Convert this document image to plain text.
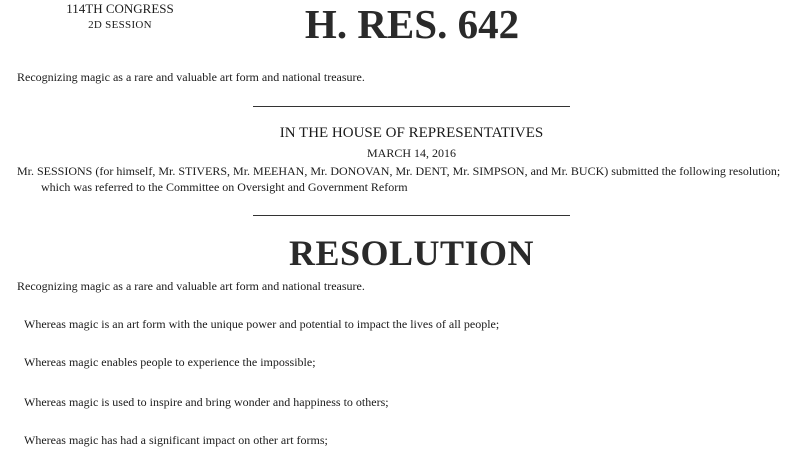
114TH CONGRESS
2D SESSION	H. RES. 642
Recognizing magic as a rare and valuable art form and national treasure.
IN THE HOUSE OF REPRESENTATIVES
MARCH 14, 2016
Mr. SESSIONS (for himself, Mr. STIVERS, Mr. MEEHAN, Mr. DONOVAN, Mr. DENT, Mr. SIMPSON, and Mr. BUCK) submitted the following resolution; which was referred to the Committee on Oversight and Government Reform
RESOLUTION
Recognizing magic as a rare and valuable art form and national treasure.
Whereas magic is an art form with the unique power and potential to impact the lives of all people;
Whereas magic enables people to experience the impossible;
Whereas magic is used to inspire and bring wonder and happiness to others;
Whereas magic has had a significant impact on other art forms;
